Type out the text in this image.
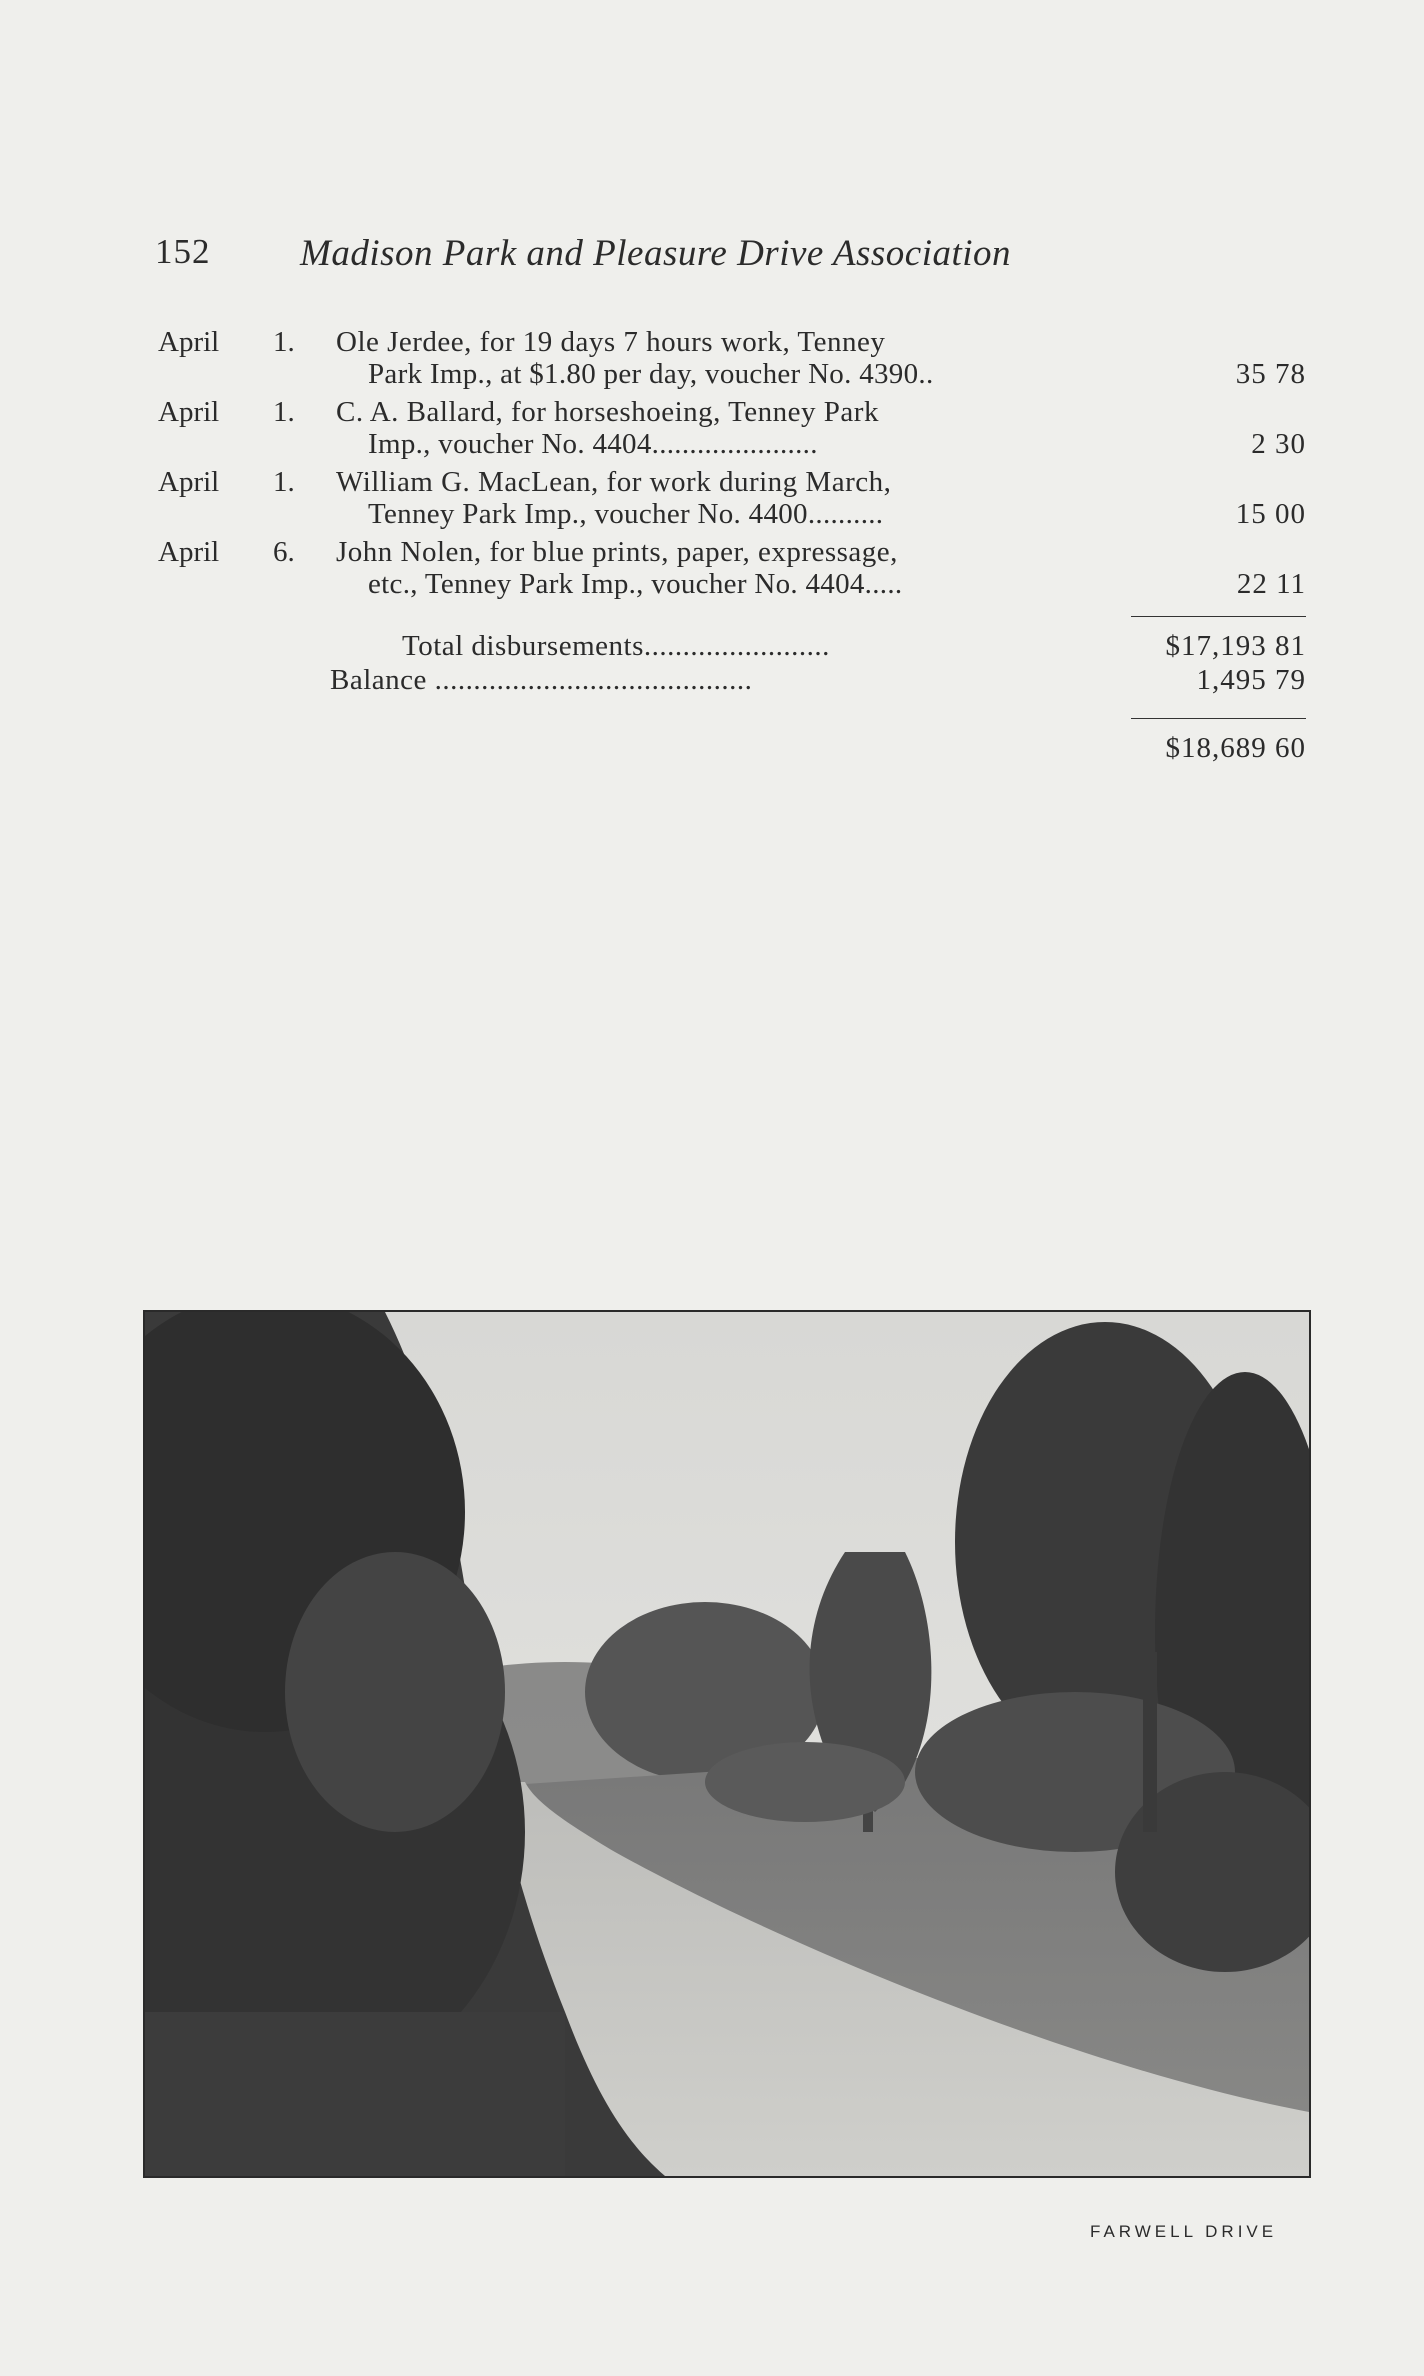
152 Madison Park and Pleasure Drive Association
April 1. Ole Jerdee, for 19 days 7 hours work, Tenney
Park Imp., at $1.80 per day, voucher No. 4390..	35 78
April 1. C. A. Ballard, for horseshoeing, Tenney Park
Imp., voucher No. 4404......................	2 30
April 1. William G. MacLean, for work during March,
Tenney Park Imp., voucher No. 4400..........	15 00
April 6. John Nolen, for blue prints, paper, expressage,
etc., Tenney Park Imp., voucher No. 4404.....	22 11
Total disbursements........................	$17,193 81
Balance .........................................	1,495 79
$18,689 60
FARWELL DRIVE
